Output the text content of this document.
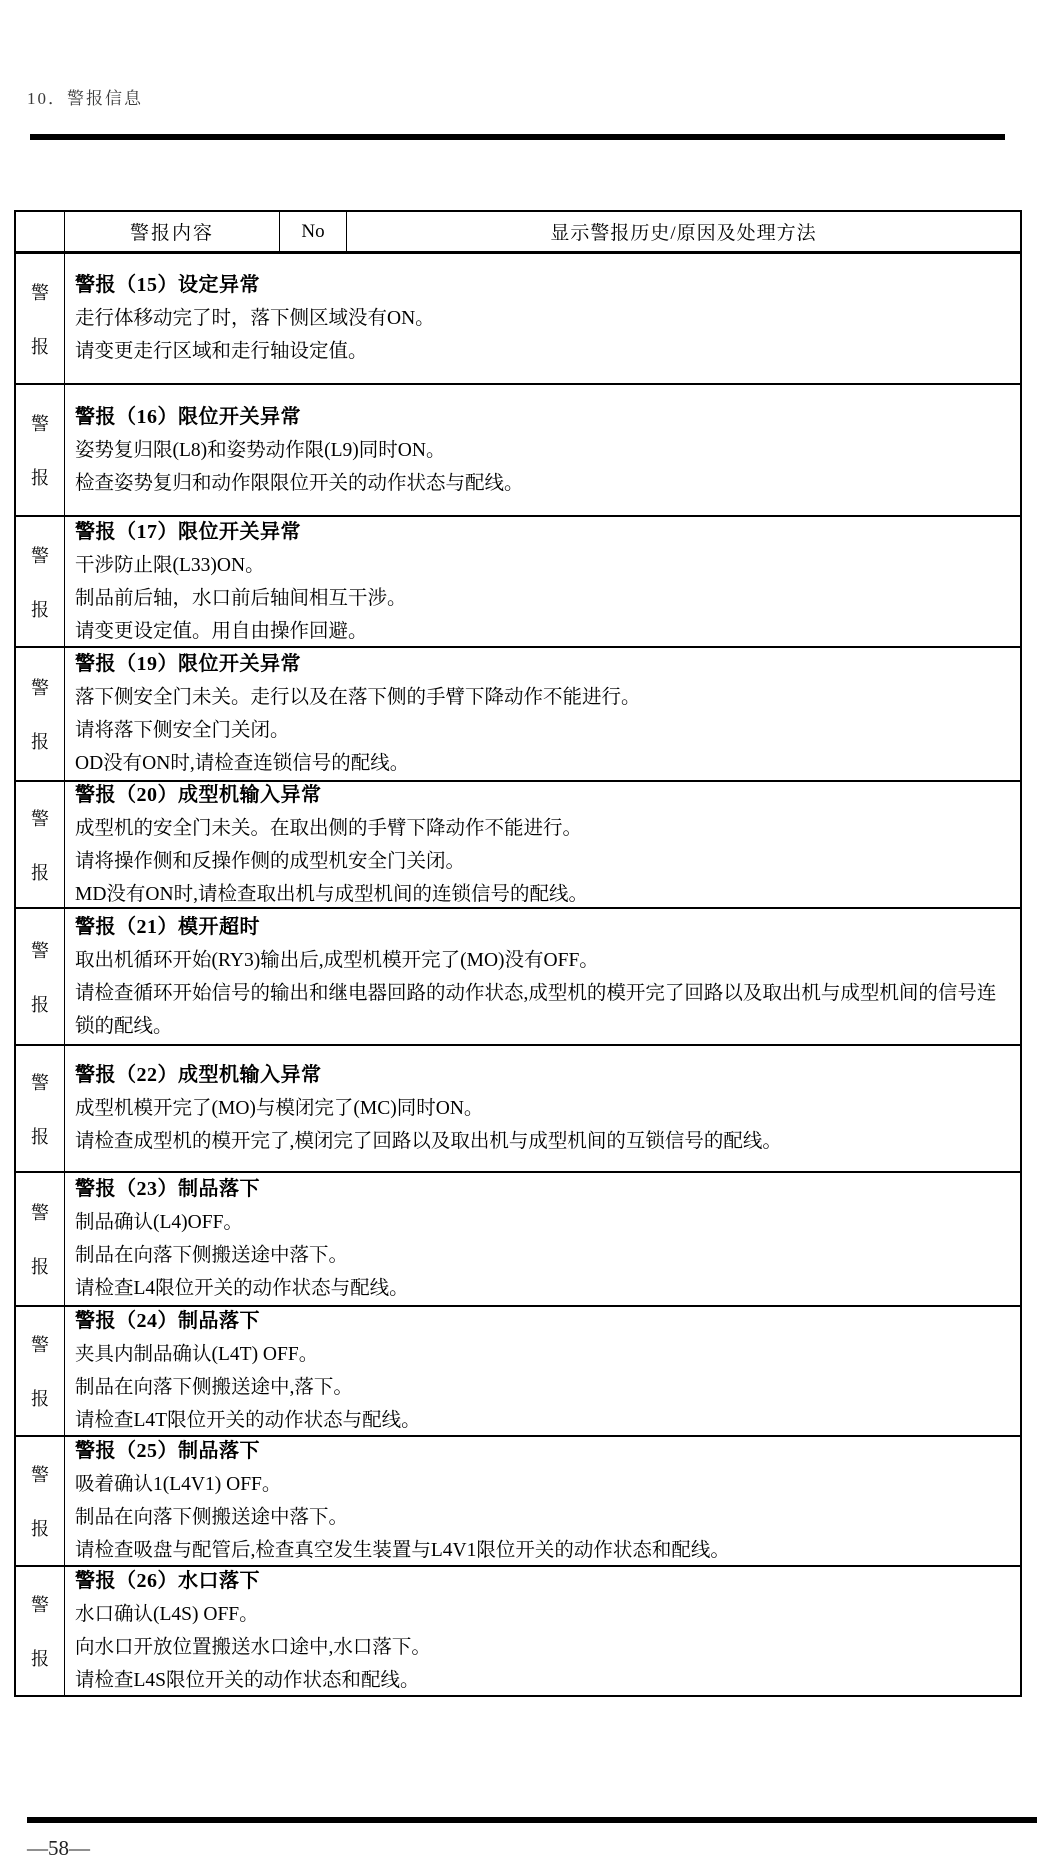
10．警报信息
警报内容	No	显示警报历史/原因及处理方法
警
报
警报（15）设定异常
走行体移动完了时，落下侧区域没有ON。
请变更走行区域和走行轴设定值。
警
报
警报（16）限位开关异常
姿势复归限(L8)和姿势动作限(L9)同时ON。
检查姿势复归和动作限限位开关的动作状态与配线。
警
报
警报（17）限位开关异常
干涉防止限(L33)ON。
制品前后轴，水口前后轴间相互干涉。
请变更设定值。用自由操作回避。
警
报
警报（19）限位开关异常
落下侧安全门未关。走行以及在落下侧的手臂下降动作不能进行。
请将落下侧安全门关闭。
OD没有ON时,请检查连锁信号的配线。
警
报
警报（20）成型机输入异常
成型机的安全门未关。在取出侧的手臂下降动作不能进行。
请将操作侧和反操作侧的成型机安全门关闭。
MD没有ON时,请检查取出机与成型机间的连锁信号的配线。
警
报
警报（21）模开超时
取出机循环开始(RY3)输出后,成型机模开完了(MO)没有OFF。
请检查循环开始信号的输出和继电器回路的动作状态,成型机的模开完了回路以及取出机与成型机间的信号连锁的配线。
警
报
警报（22）成型机输入异常
成型机模开完了(MO)与模闭完了(MC)同时ON。
请检查成型机的模开完了,模闭完了回路以及取出机与成型机间的互锁信号的配线。
警
报
警报（23）制品落下
制品确认(L4)OFF。
制品在向落下侧搬送途中落下。
请检查L4限位开关的动作状态与配线。
警
报
警报（24）制品落下
夹具内制品确认(L4T) OFF。
制品在向落下侧搬送途中,落下。
请检查L4T限位开关的动作状态与配线。
警
报
警报（25）制品落下
吸着确认1(L4V1) OFF。
制品在向落下侧搬送途中落下。
请检查吸盘与配管后,检查真空发生装置与L4V1限位开关的动作状态和配线。
警
报
警报（26）水口落下
水口确认(L4S) OFF。
向水口开放位置搬送水口途中,水口落下。
请检查L4S限位开关的动作状态和配线。
—58—
